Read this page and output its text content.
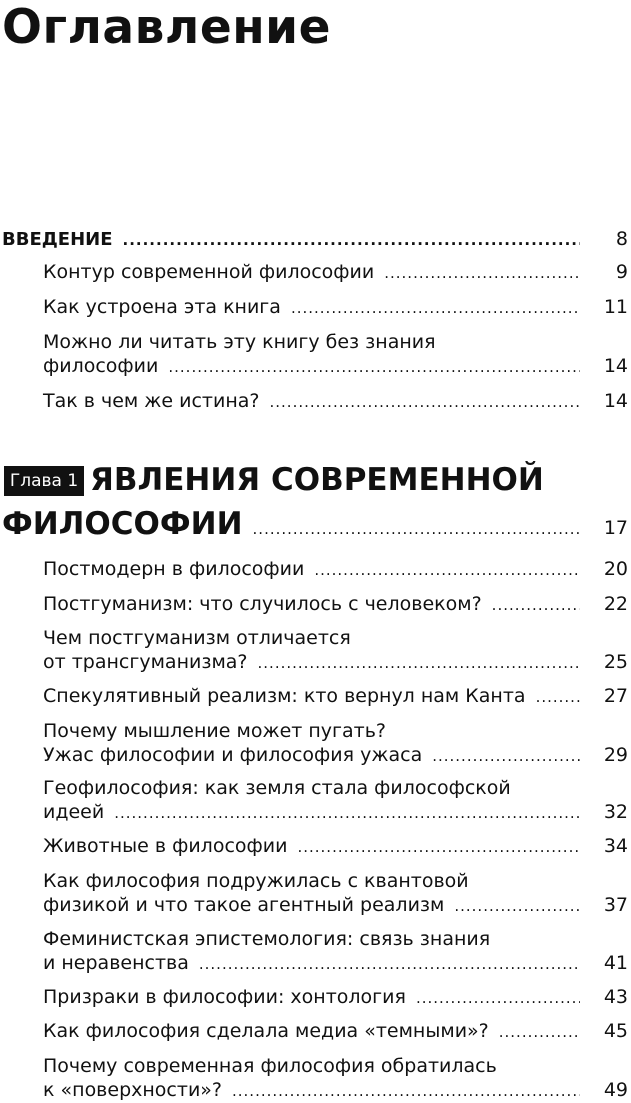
Оглавление
ВВЕДЕНИЕ .....	8
Контур современной философии .....	9
Как устроена эта книга .....	11
Можно ли читать эту книгу без знания
философии .....	14
Так в чем же истина? .....	14
Глава 1 ЯВЛЕНИЯ СОВРЕМЕННОЙ
ФИЛОСОФИИ .....	17
Постмодерн в философии .....	20
Постгуманизм: что случилось с человеком? .....	22
Чем постгуманизм отличается
от трансгуманизма? .....	25
Спекулятивный реализм: кто вернул нам Канта .....	27
Почему мышление может пугать?
Ужас философии и философия ужаса .....	29
Геофилософия: как земля стала философской
идеей .....	32
Животные в философии .....	34
Как философия подружилась с квантовой
физикой и что такое агентный реализм .....	37
Феминистская эпистемология: связь знания
и неравенства .....	41
Призраки в философии: хонтология .....	43
Как философия сделала медиа «темными»? .....	45
Почему современная философия обратилась
к «поверхности»? .....	49
